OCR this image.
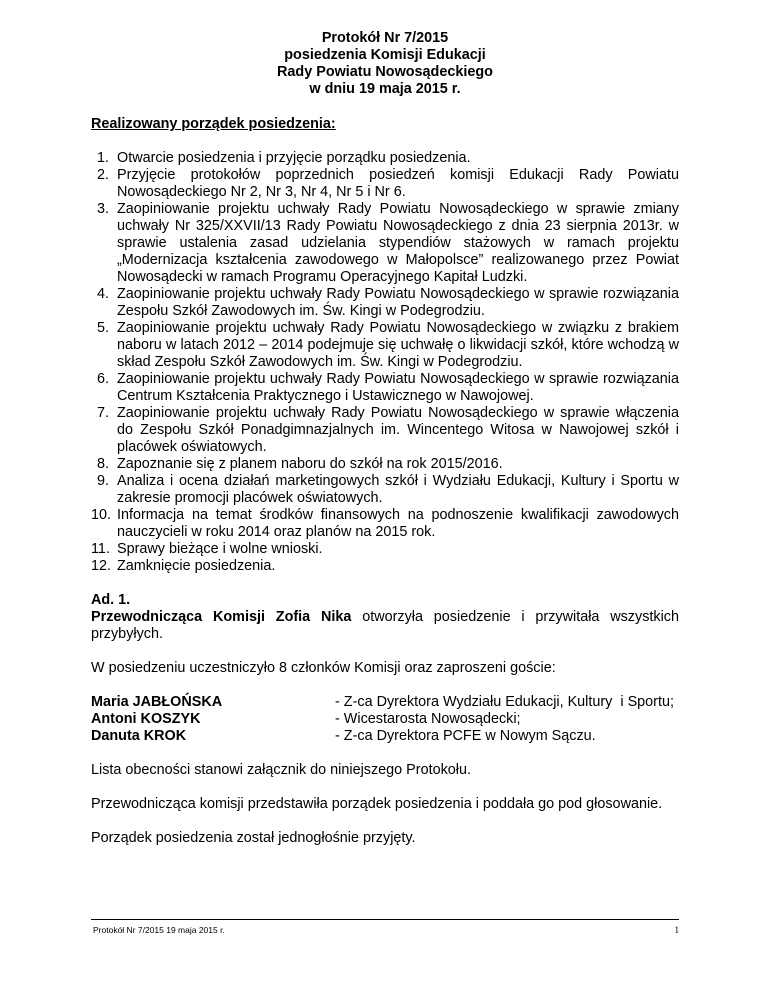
Protokół Nr 7/2015
posiedzenia Komisji Edukacji
Rady Powiatu Nowosądeckiego
w dniu 19 maja 2015 r.
Realizowany porządek posiedzenia:
1. Otwarcie posiedzenia i przyjęcie porządku posiedzenia.
2. Przyjęcie protokołów poprzednich posiedzeń komisji Edukacji Rady Powiatu Nowosądeckiego Nr 2, Nr 3, Nr 4, Nr 5 i Nr 6.
3. Zaopiniowanie projektu uchwały Rady Powiatu Nowosądeckiego w sprawie zmiany uchwały Nr 325/XXVII/13 Rady Powiatu Nowosądeckiego z dnia 23 sierpnia 2013r. w sprawie ustalenia zasad udzielania stypendiów stażowych w ramach projektu „Modernizacja kształcenia zawodowego w Małopolsce” realizowanego przez Powiat Nowosądecki w ramach Programu Operacyjnego Kapitał Ludzki.
4. Zaopiniowanie projektu uchwały Rady Powiatu Nowosądeckiego w sprawie rozwiązania Zespołu Szkół Zawodowych im. Św. Kingi w Podegrodziu.
5. Zaopiniowanie projektu uchwały Rady Powiatu Nowosądeckiego w związku z brakiem naboru w latach 2012 – 2014 podejmuje się uchwałę o likwidacji szkół, które wchodzą w skład Zespołu Szkół Zawodowych im. Św. Kingi w Podegrodziu.
6. Zaopiniowanie projektu uchwały Rady Powiatu Nowosądeckiego w sprawie rozwiązania Centrum Kształcenia Praktycznego i Ustawicznego w Nawojowej.
7. Zaopiniowanie projektu uchwały Rady Powiatu Nowosądeckiego w sprawie włączenia do Zespołu Szkół Ponadgimnazjalnych im. Wincentego Witosa w Nawojowej szkół i placówek oświatowych.
8. Zapoznanie się z planem naboru do szkół na rok 2015/2016.
9. Analiza i ocena działań marketingowych szkół i Wydziału Edukacji, Kultury i Sportu w zakresie promocji placówek oświatowych.
10. Informacja na temat środków finansowych na podnoszenie kwalifikacji zawodowych nauczycieli w roku 2014 oraz planów na 2015 rok.
11. Sprawy bieżące i wolne wnioski.
12. Zamknięcie posiedzenia.
Ad. 1.

Przewodnicząca Komisji Zofia Nika otworzyła posiedzenie i przywitała wszystkich przybyłych.

W posiedzeniu uczestniczyło 8 członków Komisji oraz zaproszeni goście:

Maria JABŁOŃSKA	- Z-ca Dyrektora Wydziału Edukacji, Kultury  i Sportu;
Antoni KOSZYK	- Wicestarosta Nowosądecki;
Danuta KROK	- Z-ca Dyrektora PCFE w Nowym Sączu.

Lista obecności stanowi załącznik do niniejszego Protokołu.

Przewodnicząca komisji przedstawiła porządek posiedzenia i poddała go pod głosowanie.

Porządek posiedzenia został jednogłośnie przyjęty.

Protokół Nr 7/2015 19 maja 2015 r.	1
